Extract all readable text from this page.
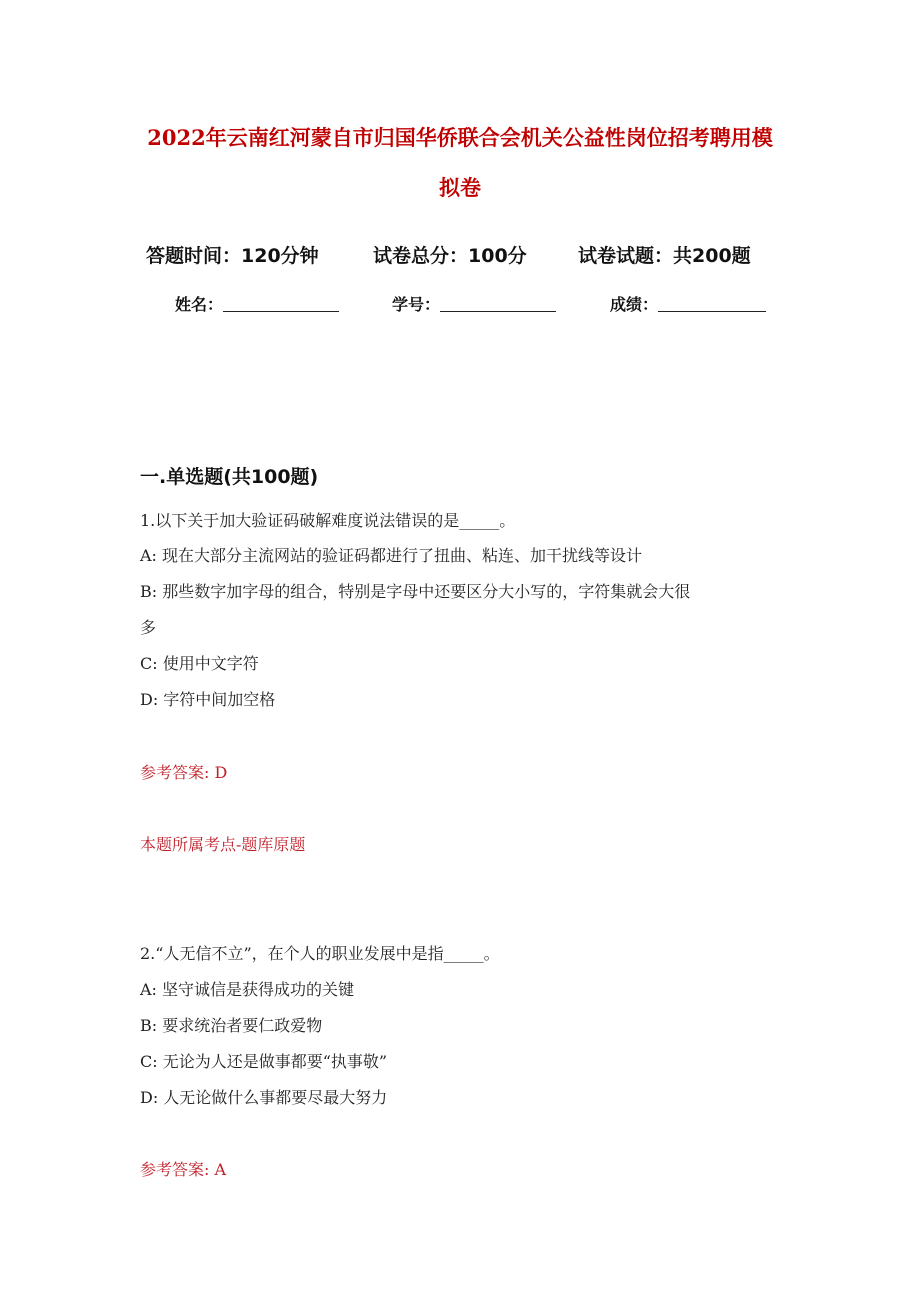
2022年云南红河蒙自市归国华侨联合会机关公益性岗位招考聘用模
拟卷
答题时间：120分钟	试卷总分：100分	试卷试题：共200题
姓名：	学号：	成绩：
一.单选题(共100题)
1.以下关于加大验证码破解难度说法错误的是_____。
A: 现在大部分主流网站的验证码都进行了扭曲、粘连、加干扰线等设计
B: 那些数字加字母的组合，特别是字母中还要区分大小写的，字符集就会大很
多
C: 使用中文字符
D: 字符中间加空格
参考答案: D
本题所属考点-题库原题
2.“人无信不立”，在个人的职业发展中是指_____。
A: 坚守诚信是获得成功的关键
B: 要求统治者要仁政爱物
C: 无论为人还是做事都要“执事敬”
D: 人无论做什么事都要尽最大努力
参考答案: A
